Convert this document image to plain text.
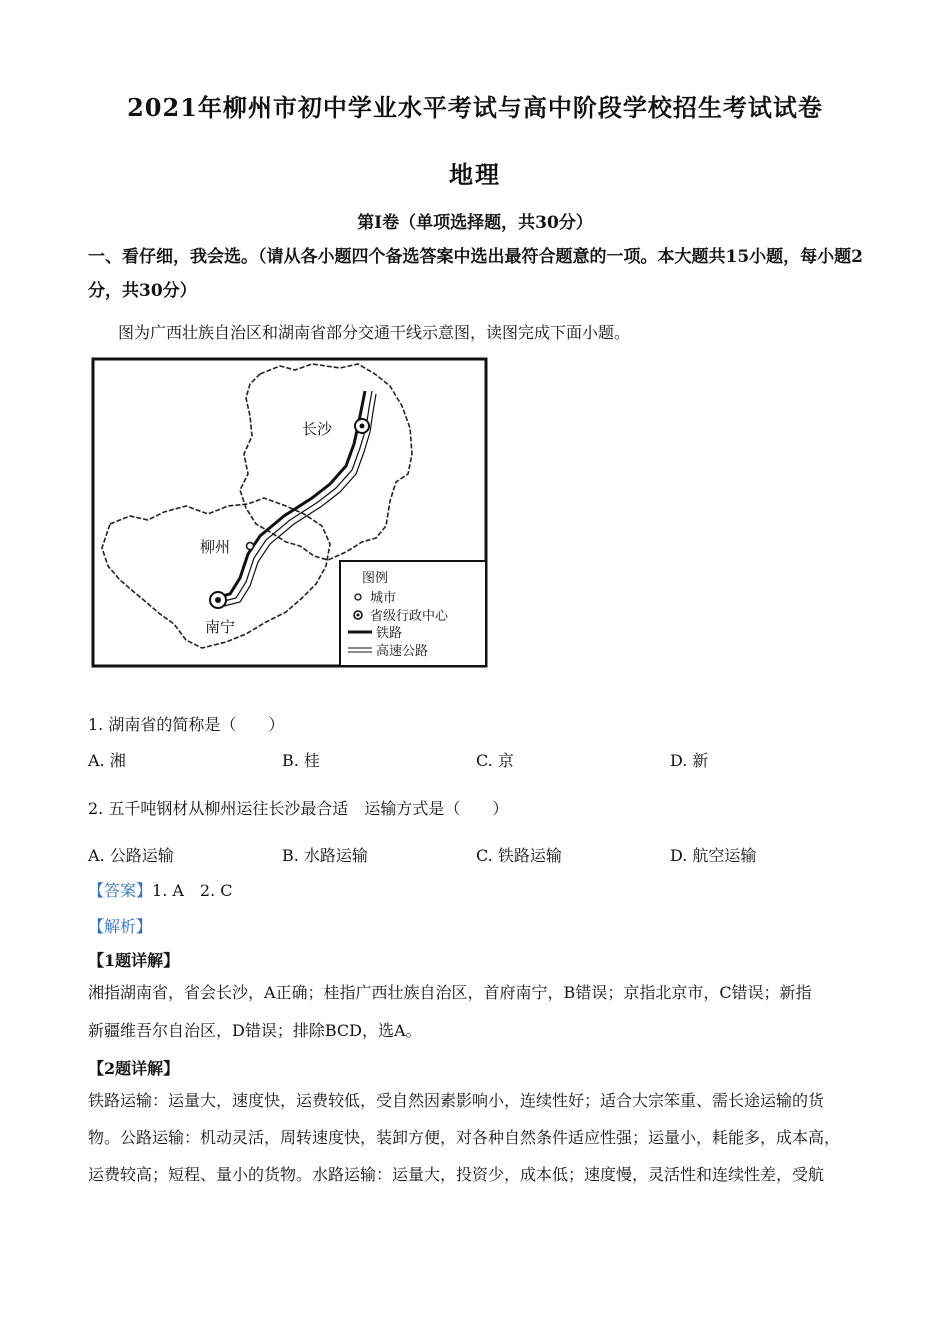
2021年柳州市初中学业水平考试与高中阶段学校招生考试试卷
地理
第Ⅰ卷（单项选择题，共30分）
一、看仔细，我会选。（请从各小题四个备选答案中选出最符合题意的一项。本大题共15小题，每小题2分，共30分）
图为广西壮族自治区和湖南省部分交通干线示意图，读图完成下面小题。
长沙
柳州
南宁
图例
城市
省级行政中心
铁路
高速公路
1. 湖南省的简称是（　　）
A. 湘	B. 桂	C. 京	D. 新
2. 五千吨钢材从柳州运往长沙最合适　运输方式是（　　）
A. 公路运输	B. 水路运输	C. 铁路运输	D. 航空运输
【答案】1. A　2. C
【解析】
【1题详解】
湘指湖南省，省会长沙，A正确；桂指广西壮族自治区，首府南宁，B错误；京指北京市，C错误；新指
新疆维吾尔自治区，D错误；排除BCD，选A。
【2题详解】
铁路运输：运量大，速度快，运费较低，受自然因素影响小，连续性好；适合大宗笨重、需长途运输的货
物。公路运输：机动灵活，周转速度快，装卸方便，对各种自然条件适应性强；运量小，耗能多，成本高，
运费较高；短程、量小的货物。水路运输：运量大，投资少，成本低；速度慢，灵活性和连续性差，受航
